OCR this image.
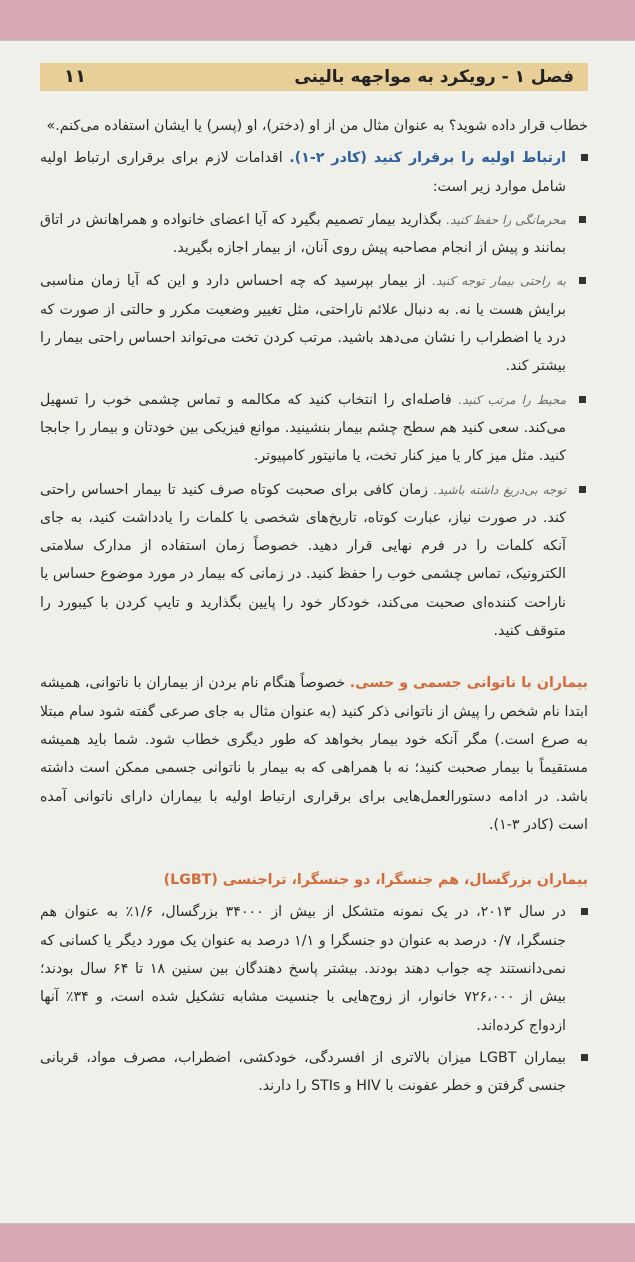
۱۱	فصل ۱ - رویکرد به مواجهه بالینی

خطاب قرار داده شوید؟ به عنوان مثال من از او (دختر)، او (پسر) یا ایشان استفاده می‌کنم.»

ارتباط اولیه را برقرار کنید (کادر ۲-۱). اقدامات لازم برای برقراری ارتباط اولیه شامل موارد زیر است:

محرمانگی را حفظ کنید. بگذارید بیمار تصمیم بگیرد که آیا اعضای خانواده و همراهانش در اتاق بمانند و پیش از انجام مصاحبه پیش روی آنان، از بیمار اجازه بگیرید.

به راحتی بیمار توجه کنید. از بیمار بپرسید که چه احساس دارد و این که آیا زمان مناسبی برایش هست یا نه. به دنبال علائم ناراحتی، مثل تغییر وضعیت مکرر و حالتی از صورت که درد یا اضطراب را نشان می‌دهد باشید. مرتب کردن تخت می‌تواند احساس راحتی بیمار را بیشتر کند.

محیط را مرتب کنید. فاصله‌ای را انتخاب کنید که مکالمه و تماس چشمی خوب را تسهیل می‌کند. سعی کنید هم سطح چشم بیمار بنشینید. موانع فیزیکی بین خودتان و بیمار را جابجا کنید. مثل میز کار یا میز کنار تخت، یا مانیتور کامپیوتر.

توجه بی‌دریغ داشته باشید. زمان کافی برای صحبت کوتاه صرف کنید تا بیمار احساس راحتی کند. در صورت نیاز، عبارت کوتاه، تاریخ‌های شخصی یا کلمات را یادداشت کنید، به جای آنکه کلمات را در فرم نهایی قرار دهید. خصوصاً زمان استفاده از مدارک سلامتی الکترونیک، تماس چشمی خوب را حفظ کنید. در زمانی که بیمار در مورد موضوع حساس یا ناراحت کننده‌ای صحبت می‌کند، خودکار خود را پایین بگذارید و تایپ کردن با کیبورد را متوقف کنید.

بیماران با ناتوانی جسمی و حسی. خصوصاً هنگام نام بردن از بیماران با ناتوانی، همیشه ابتدا نام شخص را پیش از ناتوانی ذکر کنید (به عنوان مثال به جای صرعی گفته شود سام مبتلا به صرع است.) مگر آنکه خود بیمار بخواهد که طور دیگری خطاب شود. شما باید همیشه مستقیماً با بیمار صحبت کنید؛ نه با همراهی که به بیمار با ناتوانی جسمی ممکن است داشته باشد. در ادامه دستورالعمل‌هایی برای برقراری ارتباط اولیه با بیماران دارای ناتوانی آمده است (کادر ۳-۱).

بیماران بزرگسال، هم جنسگرا، دو جنسگرا، تراجنسی (LGBT)

در سال ۲۰۱۳، در یک نمونه متشکل از بیش از ۳۴۰۰۰ بزرگسال، ۱/۶٪ به عنوان هم جنسگرا، ۰/۷ درصد به عنوان دو جنسگرا و ۱/۱ درصد به عنوان یک مورد دیگر یا کسانی که نمی‌دانستند چه جواب دهند بودند. بیشتر پاسخ دهندگان بین سنین ۱۸ تا ۶۴ سال بودند؛ بیش از ۷۲۶،۰۰۰ خانوار، از زوج‌هایی با جنسیت مشابه تشکیل شده است، و ۳۴٪ آنها ازدواج کرده‌اند.

بیماران LGBT میزان بالاتری از افسردگی، خودکشی، اضطراب، مصرف مواد، قربانی جنسی گرفتن و خطر عفونت با HIV و STIs را دارند.
